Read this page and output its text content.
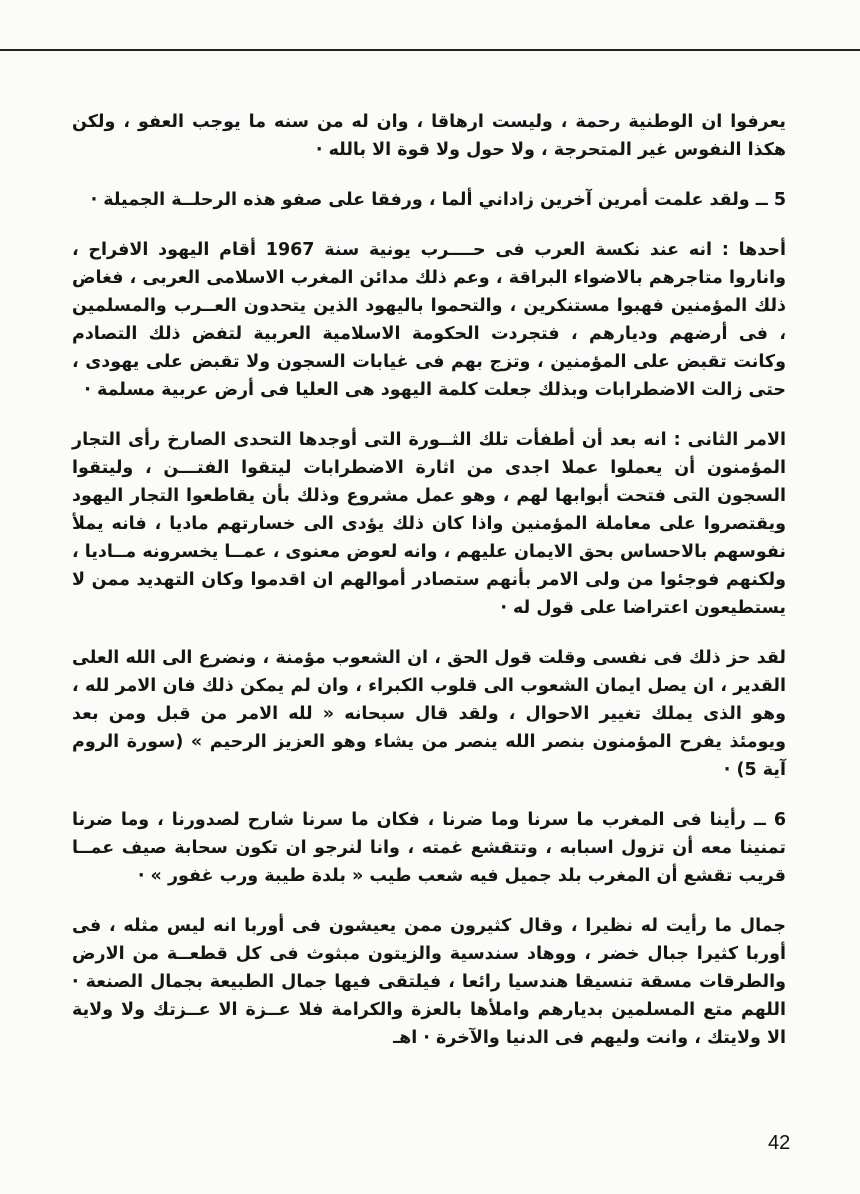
يعرفوا ان الوطنية رحمة ، وليست ارهاقا ، وان له من سنه ما يوجب العفو ، ولكن هكذا النفوس غير المتحرجة ، ولا حول ولا قوة الا بالله ·

5 ــ ولقد علمت أمرين آخرين زاداني ألما ، ورفقا على صفو هذه الرحلــة الجميلة ·

أحدها : انه عند نكسة العرب فى حــــرب يونية سنة 1967 أقام اليهود الافراح ، واناروا متاجرهم بالاضواء البراقة ، وعم ذلك مدائن المغرب الاسلامى العربى ، فغاض ذلك المؤمنين فهبوا مستنكرين ، والتحموا باليهود الذين يتحدون العــرب والمسلمين ، فى أرضهم وديارهم ، فتجردت الحكومة الاسلامية العربية لتفض ذلك التصادم وكانت تقبض على المؤمنين ، وتزج بهم فى غيابات السجون ولا تقبض على يهودى ، حتى زالت الاضطرابات وبذلك جعلت كلمة اليهود هى العليا فى أرض عربية مسلمة ·

الامر الثانى : انه بعد أن أطفأت تلك الثــورة التى أوجدها التحدى الصارخ رأى التجار المؤمنون أن يعملوا عملا اجدى من اثارة الاضطرابات ليتقوا الفتـــن ، وليتقوا السجون التى فتحت أبوابها لهم ، وهو عمل مشروع وذلك بأن يقاطعوا التجار اليهود ويقتصروا على معاملة المؤمنين واذا كان ذلك يؤدى الى خسارتهم ماديا ، فانه يملأ نفوسهم بالاحساس بحق الايمان عليهم ، وانه لعوض معنوى ، عمــا يخسرونه مــاديا ، ولكنهم فوجئوا من ولى الامر بأنهم ستصادر أموالهم ان اقدموا وكان التهديد ممن لا يستطيعون اعتراضا على قول له ·

لقد حز ذلك فى نفسى وقلت قول الحق ، ان الشعوب مؤمنة ، ونضرع الى الله العلى القدير ، ان يصل ايمان الشعوب الى قلوب الكبراء ، وان لم يمكن ذلك فان الامر لله ، وهو الذى يملك تغيير الاحوال ، ولقد قال سبحانه « لله الامر من قبل ومن بعد ويومئذ يفرح المؤمنون بنصر الله ينصر من يشاء وهو العزيز الرحيم » (سورة الروم آية 5) ·

6 ــ رأينا فى المغرب ما سرنا وما ضرنا ، فكان ما سرنا شارح لصدورنا ، وما ضرنا تمنينا معه أن تزول اسبابه ، وتتقشع غمته ، وانا لنرجو ان تكون سحابة صيف عمــا قريب تقشع أن المغرب بلد جميل فيه شعب طيب « بلدة طيبة ورب غفور » ·

جمال ما رأيت له نظيرا ، وقال كثيرون ممن يعيشون فى أوربا انه ليس مثله ، فى أوربا كثيرا جبال خضر ، ووهاد سندسية والزيتون مبثوث فى كل قطعــة من الارض والطرقات مسقة تنسيقا هندسيا رائعا ، فيلتقى فيها جمال الطبيعة بجمال الصنعة · اللهم متع المسلمين بديارهم واملأها بالعزة والكرامة فلا عــزة الا عــزتك ولا ولاية الا ولايتك ، وانت وليهم فى الدنيا والآخرة · اهـ

42
